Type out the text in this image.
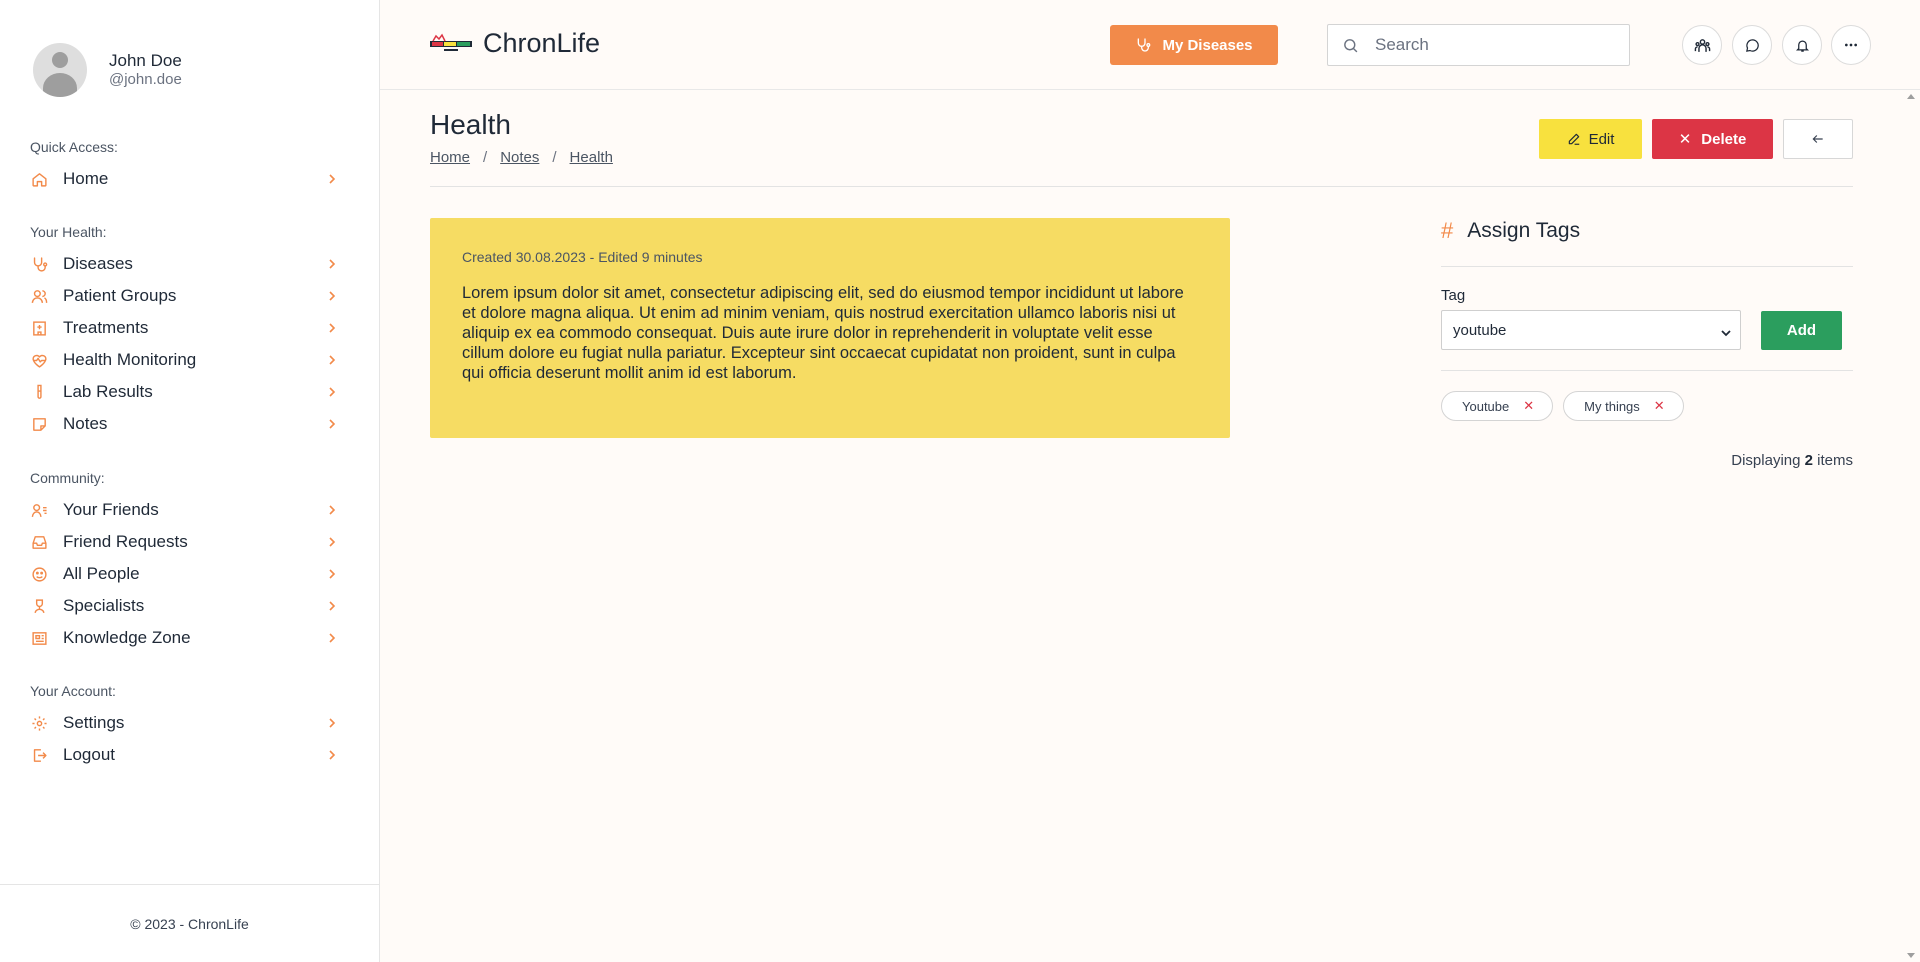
John Doe
@john.doe
Quick Access:
Home
Your Health:
Diseases
Patient Groups
Treatments
Health Monitoring
Lab Results
Notes
Community:
Your Friends
Friend Requests
All People
Specialists
Knowledge Zone
Your Account:
Settings
Logout
© 2023 - ChronLife
ChronLife	My Diseases
Search
Health
Home / Notes / Health
Edit	✕ Delete
Created 30.08.2023 - Edited 9 minutes
Lorem ipsum dolor sit amet, consectetur adipiscing elit, sed do eiusmod tempor incididunt ut labore et dolore magna aliqua. Ut enim ad minim veniam, quis nostrud exercitation ullamco laboris nisi ut aliquip ex ea commodo consequat. Duis aute irure dolor in reprehenderit in voluptate velit esse cillum dolore eu fugiat nulla pariatur. Excepteur sint occaecat cupidatat non proident, sunt in culpa qui officia deserunt mollit anim id est laborum.
# Assign Tags
Tag
youtube	Add
Youtube ✕	My things ✕
Displaying 2 items
